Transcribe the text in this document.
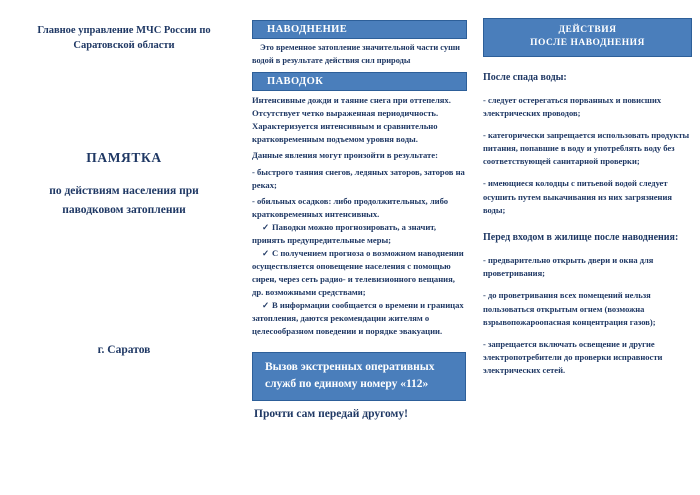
Главное управление МЧС России по Саратовской области
ПАМЯТКА
по действиям населения при паводковом затоплении
г. Саратов
НАВОДНЕНИЕ

Это временное затопление значительной части суши водой в результате действия сил природы

ПАВОДОК

Интенсивные дожди и таяние снега при оттепелях. Отсутствует четко выраженная периодичность. Характеризуется интенсивным и сравнительно кратковременным подъемом уровня воды.

Данные явления могут произойти в результате:

- быстрого таяния снегов, ледяных заторов, заторов на реках;

- обильных осадков: либо продолжительных, либо кратковременных интенсивных.

✓ Паводки можно прогнозировать, а значит, принять предупредительные меры;

✓ С получением прогноза о возможном наводнении осуществляется оповещение населения с помощью сирен, через сеть радио- и телевизионного вещания, др. возможными средствами;

✓ В информации сообщается о времени и границах затопления, даются рекомендации жителям о целесообразном поведении и порядке эвакуации.

Вызов экстренных оперативных служб по единому номеру «112»
Прочти сам передай другому!
ДЕЙСТВИЯ
ПОСЛЕ НАВОДНЕНИЯ

После спада воды:

- следует остерегаться порванных и повисших электрических проводов;

- категорически запрещается использовать продукты питания, попавшие в воду и употреблять воду без соответствующей санитарной проверки;

- имеющиеся колодцы с питьевой водой следует осушить путем выкачивания из них загрязнения воды;

Перед входом в жилище после наводнения:

- предварительно открыть двери и окна для проветривания;

- до проветривания всех помещений нельзя пользоваться открытым огнем (возможна взрывопожароопасная концентрация газов);

- запрещается включать освещение и другие электропотребители до проверки исправности электрических сетей.
